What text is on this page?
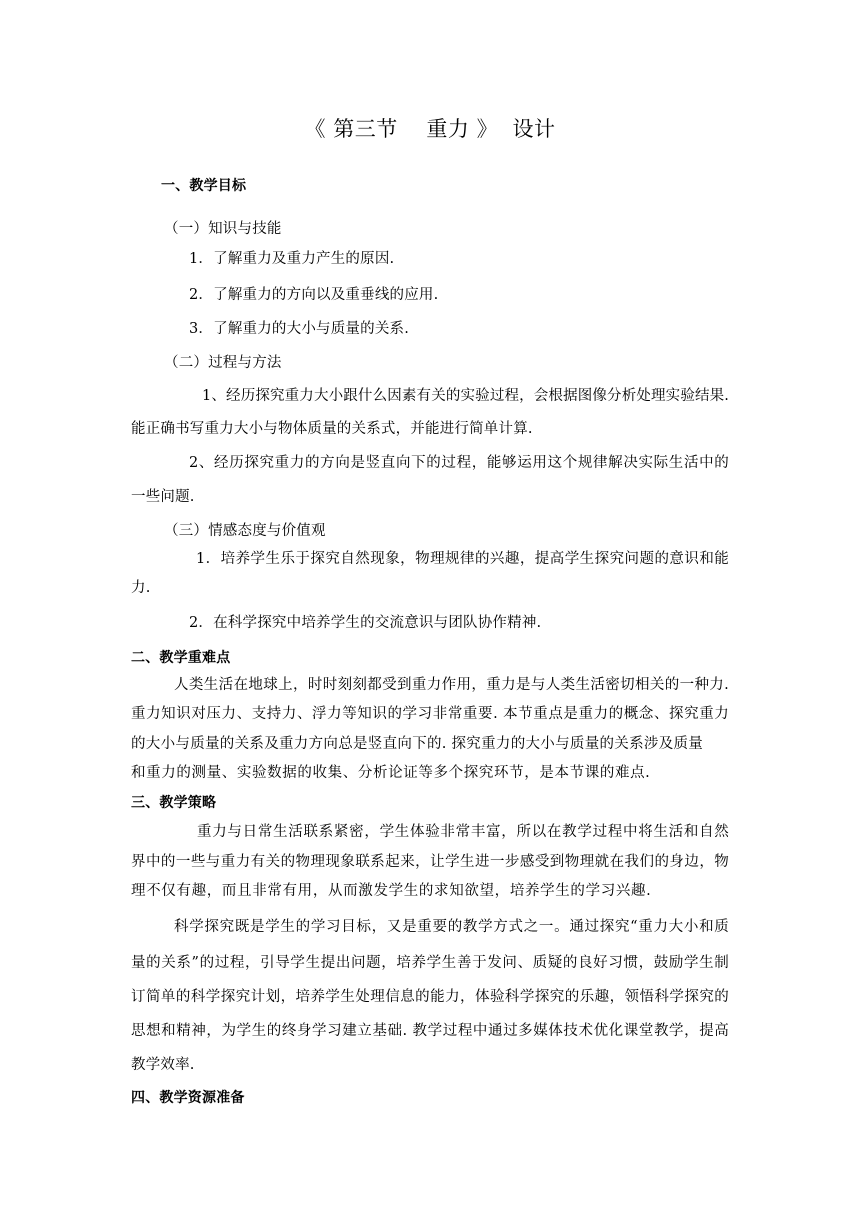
《 第三节    重力 》  设计
一、教学目标
（一）知识与技能
1．了解重力及重力产生的原因.
2．了解重力的方向以及重垂线的应用.
3．了解重力的大小与质量的关系.
（二）过程与方法
1、经历探究重力大小跟什么因素有关的实验过程，会根据图像分析处理实验结果.
能正确书写重力大小与物体质量的关系式，并能进行简单计算.
2、经历探究重力的方向是竖直向下的过程，能够运用这个规律解决实际生活中的
一些问题.
（三）情感态度与价值观
1．培养学生乐于探究自然现象，物理规律的兴趣，提高学生探究问题的意识和能
力.
2．在科学探究中培养学生的交流意识与团队协作精神.
二、教学重难点
人类生活在地球上，时时刻刻都受到重力作用，重力是与人类生活密切相关的一种力.
重力知识对压力、支持力、浮力等知识的学习非常重要. 本节重点是重力的概念、探究重力
的大小与质量的关系及重力方向总是竖直向下的. 探究重力的大小与质量的关系涉及质量
和重力的测量、实验数据的收集、分析论证等多个探究环节，是本节课的难点.
三、教学策略
重力与日常生活联系紧密，学生体验非常丰富，所以在教学过程中将生活和自然
界中的一些与重力有关的物理现象联系起来，让学生进一步感受到物理就在我们的身边，物
理不仅有趣，而且非常有用，从而激发学生的求知欲望，培养学生的学习兴趣.
科学探究既是学生的学习目标，又是重要的教学方式之一。通过探究“重力大小和质
量的关系”的过程，引导学生提出问题，培养学生善于发问、质疑的良好习惯，鼓励学生制
订简单的科学探究计划，培养学生处理信息的能力，体验科学探究的乐趣，领悟科学探究的
思想和精神，为学生的终身学习建立基础. 教学过程中通过多媒体技术优化课堂教学，提高
教学效率.
四、教学资源准备
